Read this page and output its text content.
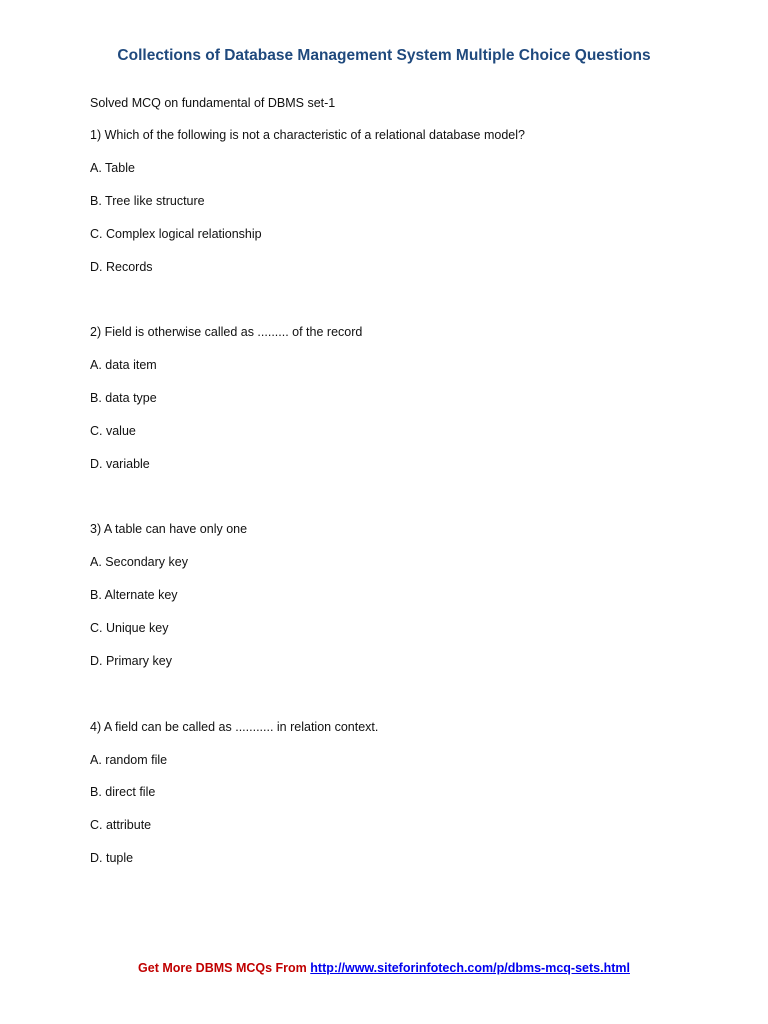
Collections of Database Management System Multiple Choice Questions
Solved MCQ on fundamental of DBMS set-1
1) Which of the following is not a characteristic of a relational database model?
A. Table
B. Tree like structure
C. Complex logical relationship
D. Records
2) Field is otherwise called as ......... of the record
A. data item
B. data type
C. value
D. variable
3) A table can have only one
A. Secondary key
B. Alternate key
C. Unique key
D. Primary key
4) A field can be called as ........... in relation context.
A. random file
B. direct file
C. attribute
D. tuple
Get More DBMS MCQs From http://www.siteforinfotech.com/p/dbms-mcq-sets.html
